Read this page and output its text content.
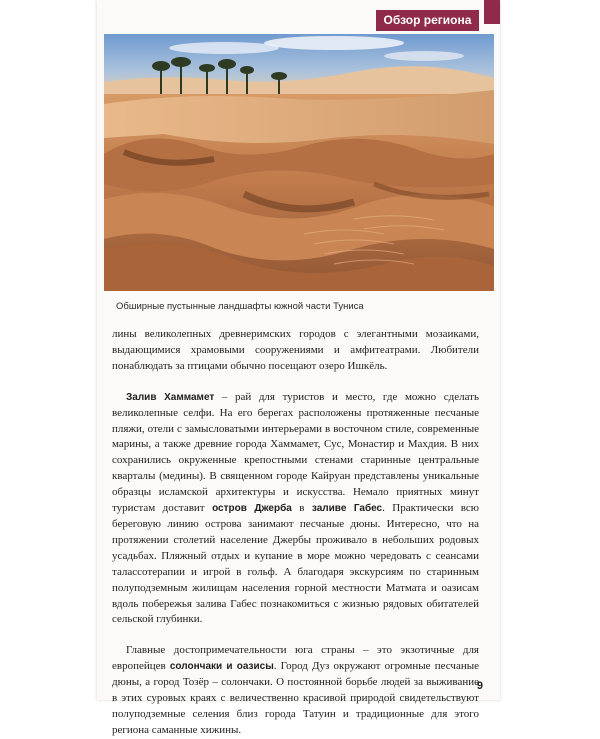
Обзор региона
Обширные пустынные ландшафты южной части Туниса

лины великолепных древнеримских городов с элегантными мозаиками, выдающимися храмовыми сооружениями и амфитеатрами. Любители понаблюдать за птицами обычно посещают озеро Ишкёль.

Залив Хаммамет – рай для туристов и место, где можно сделать великолепные селфи. На его берегах расположены протяженные песчаные пляжи, отели с замысловатыми интерьерами в восточном стиле, современные марины, а также древние города Хаммамет, Сус, Монастир и Махдия. В них сохранились окруженные крепостными стенами старинные центральные кварталы (медины). В священном городе Кайруан представлены уникальные образцы исламской архитектуры и искусства. Немало приятных минут туристам доставит остров Джерба в заливе Габес. Практически всю береговую линию острова занимают песчаные дюны. Интересно, что на протяжении столетий население Джербы проживало в небольших родовых усадьбах. Пляжный отдых и купание в море можно чередовать с сеансами талассотерапии и игрой в гольф. А благодаря экскурсиям по старинным полуподземным жилищам населения горной местности Матмата и оазисам вдоль побережья залива Габес познакомиться с жизнью рядовых обитателей сельской глубинки.

Главные достопримечательности юга страны – это экзотичные для европейцев солончаки и оазисы. Город Дуз окружают огромные песчаные дюны, а город Тозёр – солончаки. О постоянной борьбе людей за выживание в этих суровых краях с величественно красивой природой свидетельствуют полуподземные селения близ города Татуин и традиционные для этого региона саманные хижины.

9
